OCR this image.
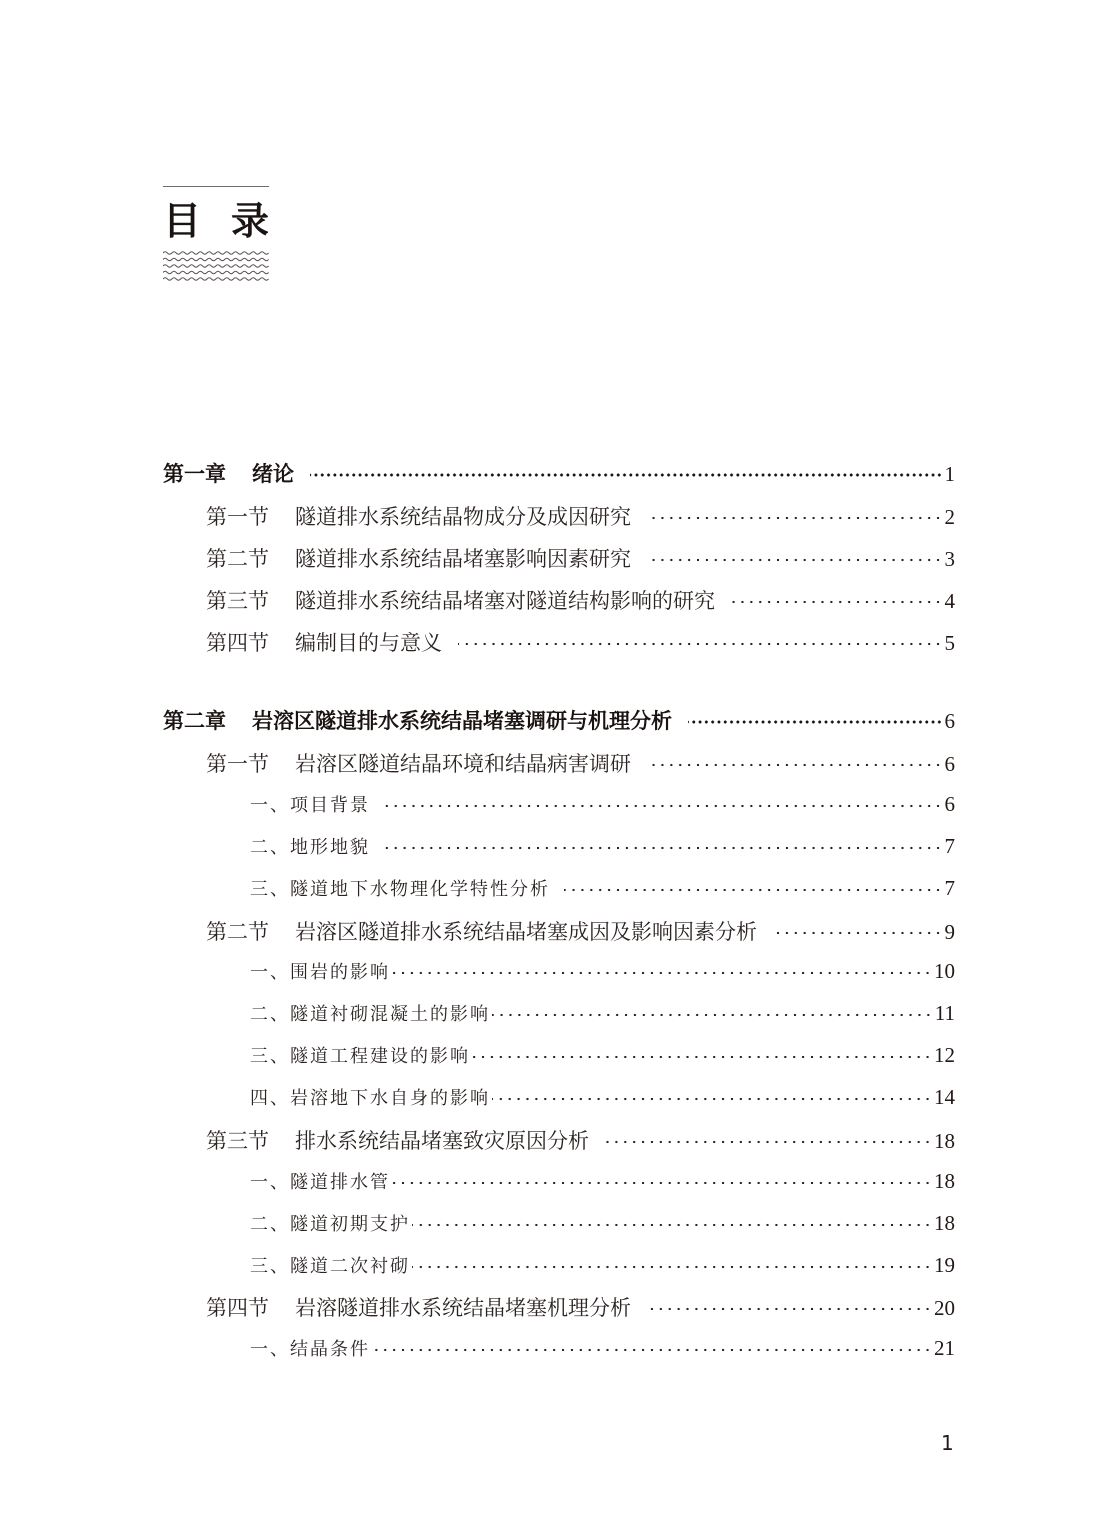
目 录
第一章 绪论	1
第一节 隧道排水系统结晶物成分及成因研究	2
第二节 隧道排水系统结晶堵塞影响因素研究	3
第三节 隧道排水系统结晶堵塞对隧道结构影响的研究	4
第四节 编制目的与意义	5
第二章 岩溶区隧道排水系统结晶堵塞调研与机理分析	6
第一节 岩溶区隧道结晶环境和结晶病害调研	6
一、项目背景	6
二、地形地貌	7
三、隧道地下水物理化学特性分析	7
第二节 岩溶区隧道排水系统结晶堵塞成因及影响因素分析	9
一、围岩的影响	10
二、隧道衬砌混凝土的影响	11
三、隧道工程建设的影响	12
四、岩溶地下水自身的影响	14
第三节 排水系统结晶堵塞致灾原因分析	18
一、隧道排水管	18
二、隧道初期支护	18
三、隧道二次衬砌	19
第四节 岩溶隧道排水系统结晶堵塞机理分析	20
一、结晶条件	21
1
